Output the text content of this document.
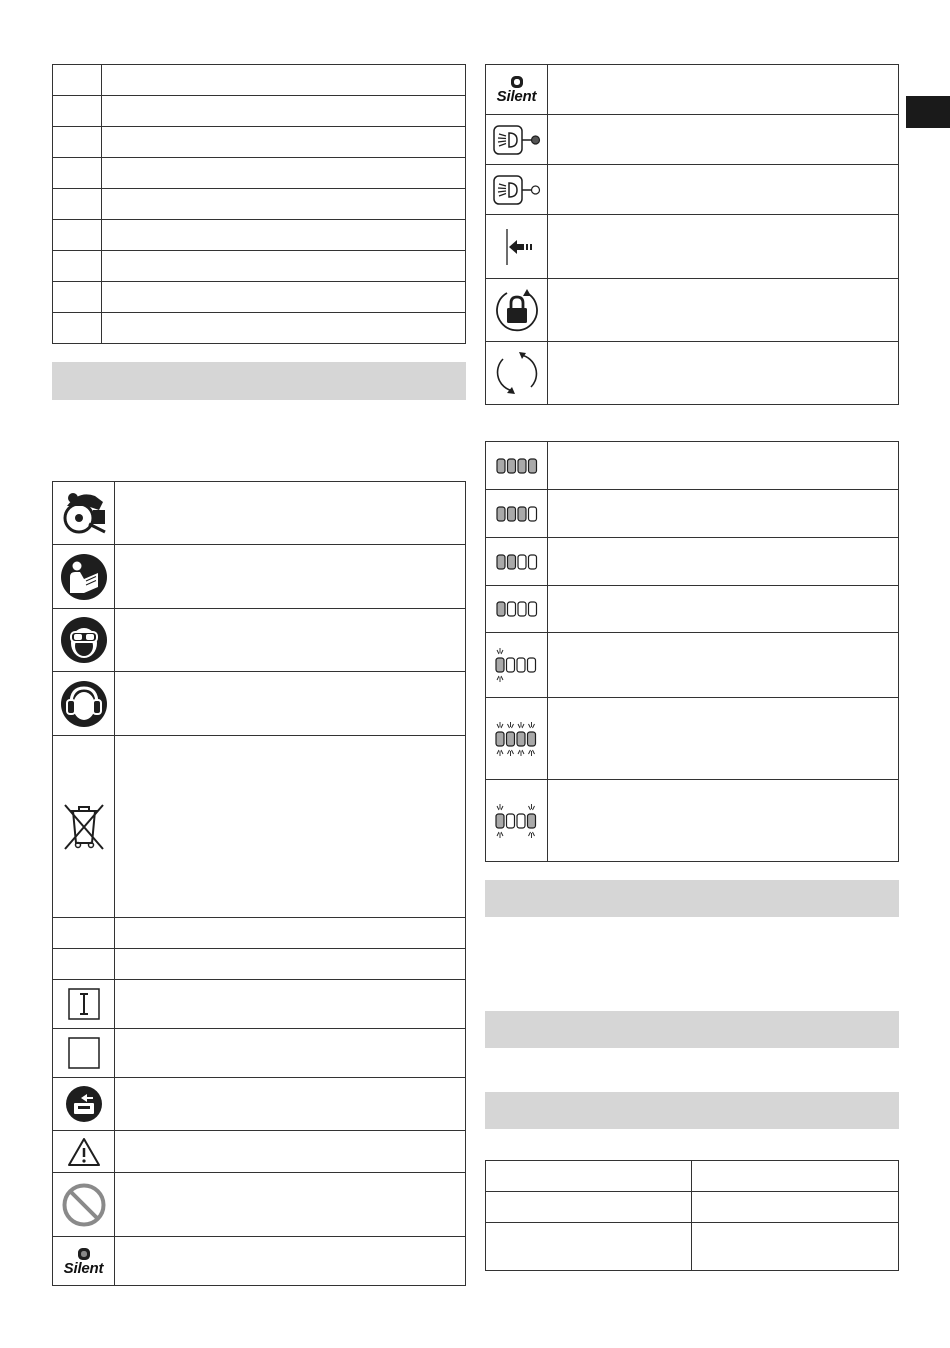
Silent	

Silent	
